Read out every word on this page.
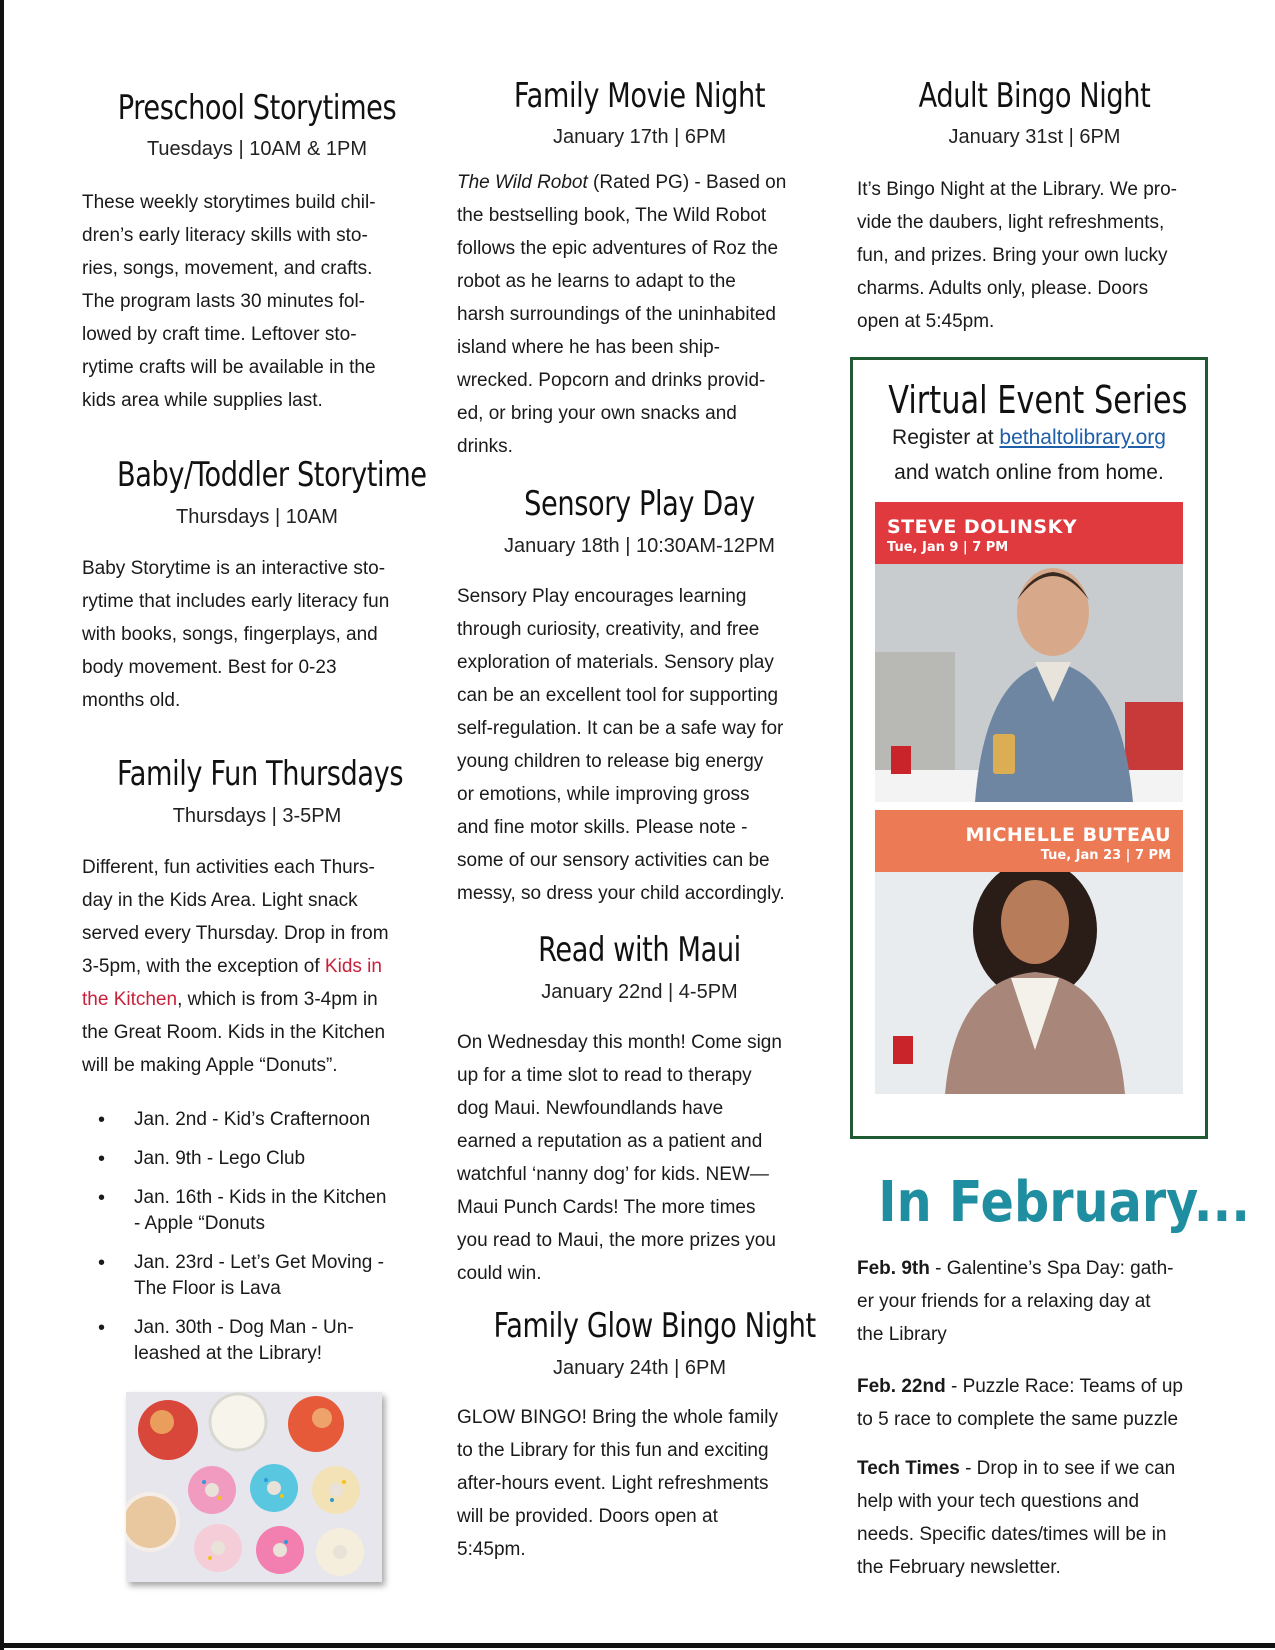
Preschool Storytimes
Tuesdays | 10AM & 1PM
These weekly storytimes build chil-
dren’s early literacy skills with sto-
ries, songs, movement, and crafts.
The program lasts 30 minutes fol-
lowed by craft time. Leftover sto-
rytime crafts will be available in the
kids area while supplies last.
Baby/Toddler Storytime
Thursdays | 10AM
Baby Storytime is an interactive sto-
rytime that includes early literacy fun
with books, songs, fingerplays, and
body movement. Best for 0-23
months old.
Family Fun Thursdays
Thursdays | 3-5PM
Different, fun activities each Thurs-
day in the Kids Area. Light snack
served every Thursday. Drop in from
3-5pm, with the exception of Kids in
the Kitchen, which is from 3-4pm in
the Great Room. Kids in the Kitchen
will be making Apple “Donuts”.
• Jan. 2nd - Kid’s Crafternoon
• Jan. 9th - Lego Club
• Jan. 16th - Kids in the Kitchen
- Apple “Donuts
• Jan. 23rd - Let’s Get Moving -
The Floor is Lava
• Jan. 30th - Dog Man - Un-
leashed at the Library!
Family Movie Night
January 17th | 6PM
The Wild Robot (Rated PG) - Based on
the bestselling book, The Wild Robot
follows the epic adventures of Roz the
robot as he learns to adapt to the
harsh surroundings of the uninhabited
island where he has been ship-
wrecked. Popcorn and drinks provid-
ed, or bring your own snacks and
drinks.
Sensory Play Day
January 18th | 10:30AM-12PM
Sensory Play encourages learning
through curiosity, creativity, and free
exploration of materials. Sensory play
can be an excellent tool for supporting
self-regulation. It can be a safe way for
young children to release big energy
or emotions, while improving gross
and fine motor skills. Please note -
some of our sensory activities can be
messy, so dress your child accordingly.
Read with Maui
January 22nd | 4-5PM
On Wednesday this month! Come sign
up for a time slot to read to therapy
dog Maui. Newfoundlands have
earned a reputation as a patient and
watchful ‘nanny dog’ for kids. NEW—
Maui Punch Cards! The more times
you read to Maui, the more prizes you
could win.
Family Glow Bingo Night
January 24th | 6PM
GLOW BINGO! Bring the whole family
to the Library for this fun and exciting
after-hours event. Light refreshments
will be provided. Doors open at
5:45pm.
Adult Bingo Night
January 31st | 6PM
It’s Bingo Night at the Library. We pro-
vide the daubers, light refreshments,
fun, and prizes. Bring your own lucky
charms. Adults only, please. Doors
open at 5:45pm.
In February...
Feb. 9th - Galentine’s Spa Day: gath-
er your friends for a relaxing day at
the Library
Feb. 22nd - Puzzle Race: Teams of up
to 5 race to complete the same puzzle
Tech Times - Drop in to see if we can
help with your tech questions and
needs. Specific dates/times will be in
the February newsletter.
Virtual Event Series
Register at bethaltolibrary.org
and watch online from home.
STEVE DOLINSKY
Tue, Jan 9 | 7 PM
MICHELLE BUTEAU
Tue, Jan 23 | 7 PM
